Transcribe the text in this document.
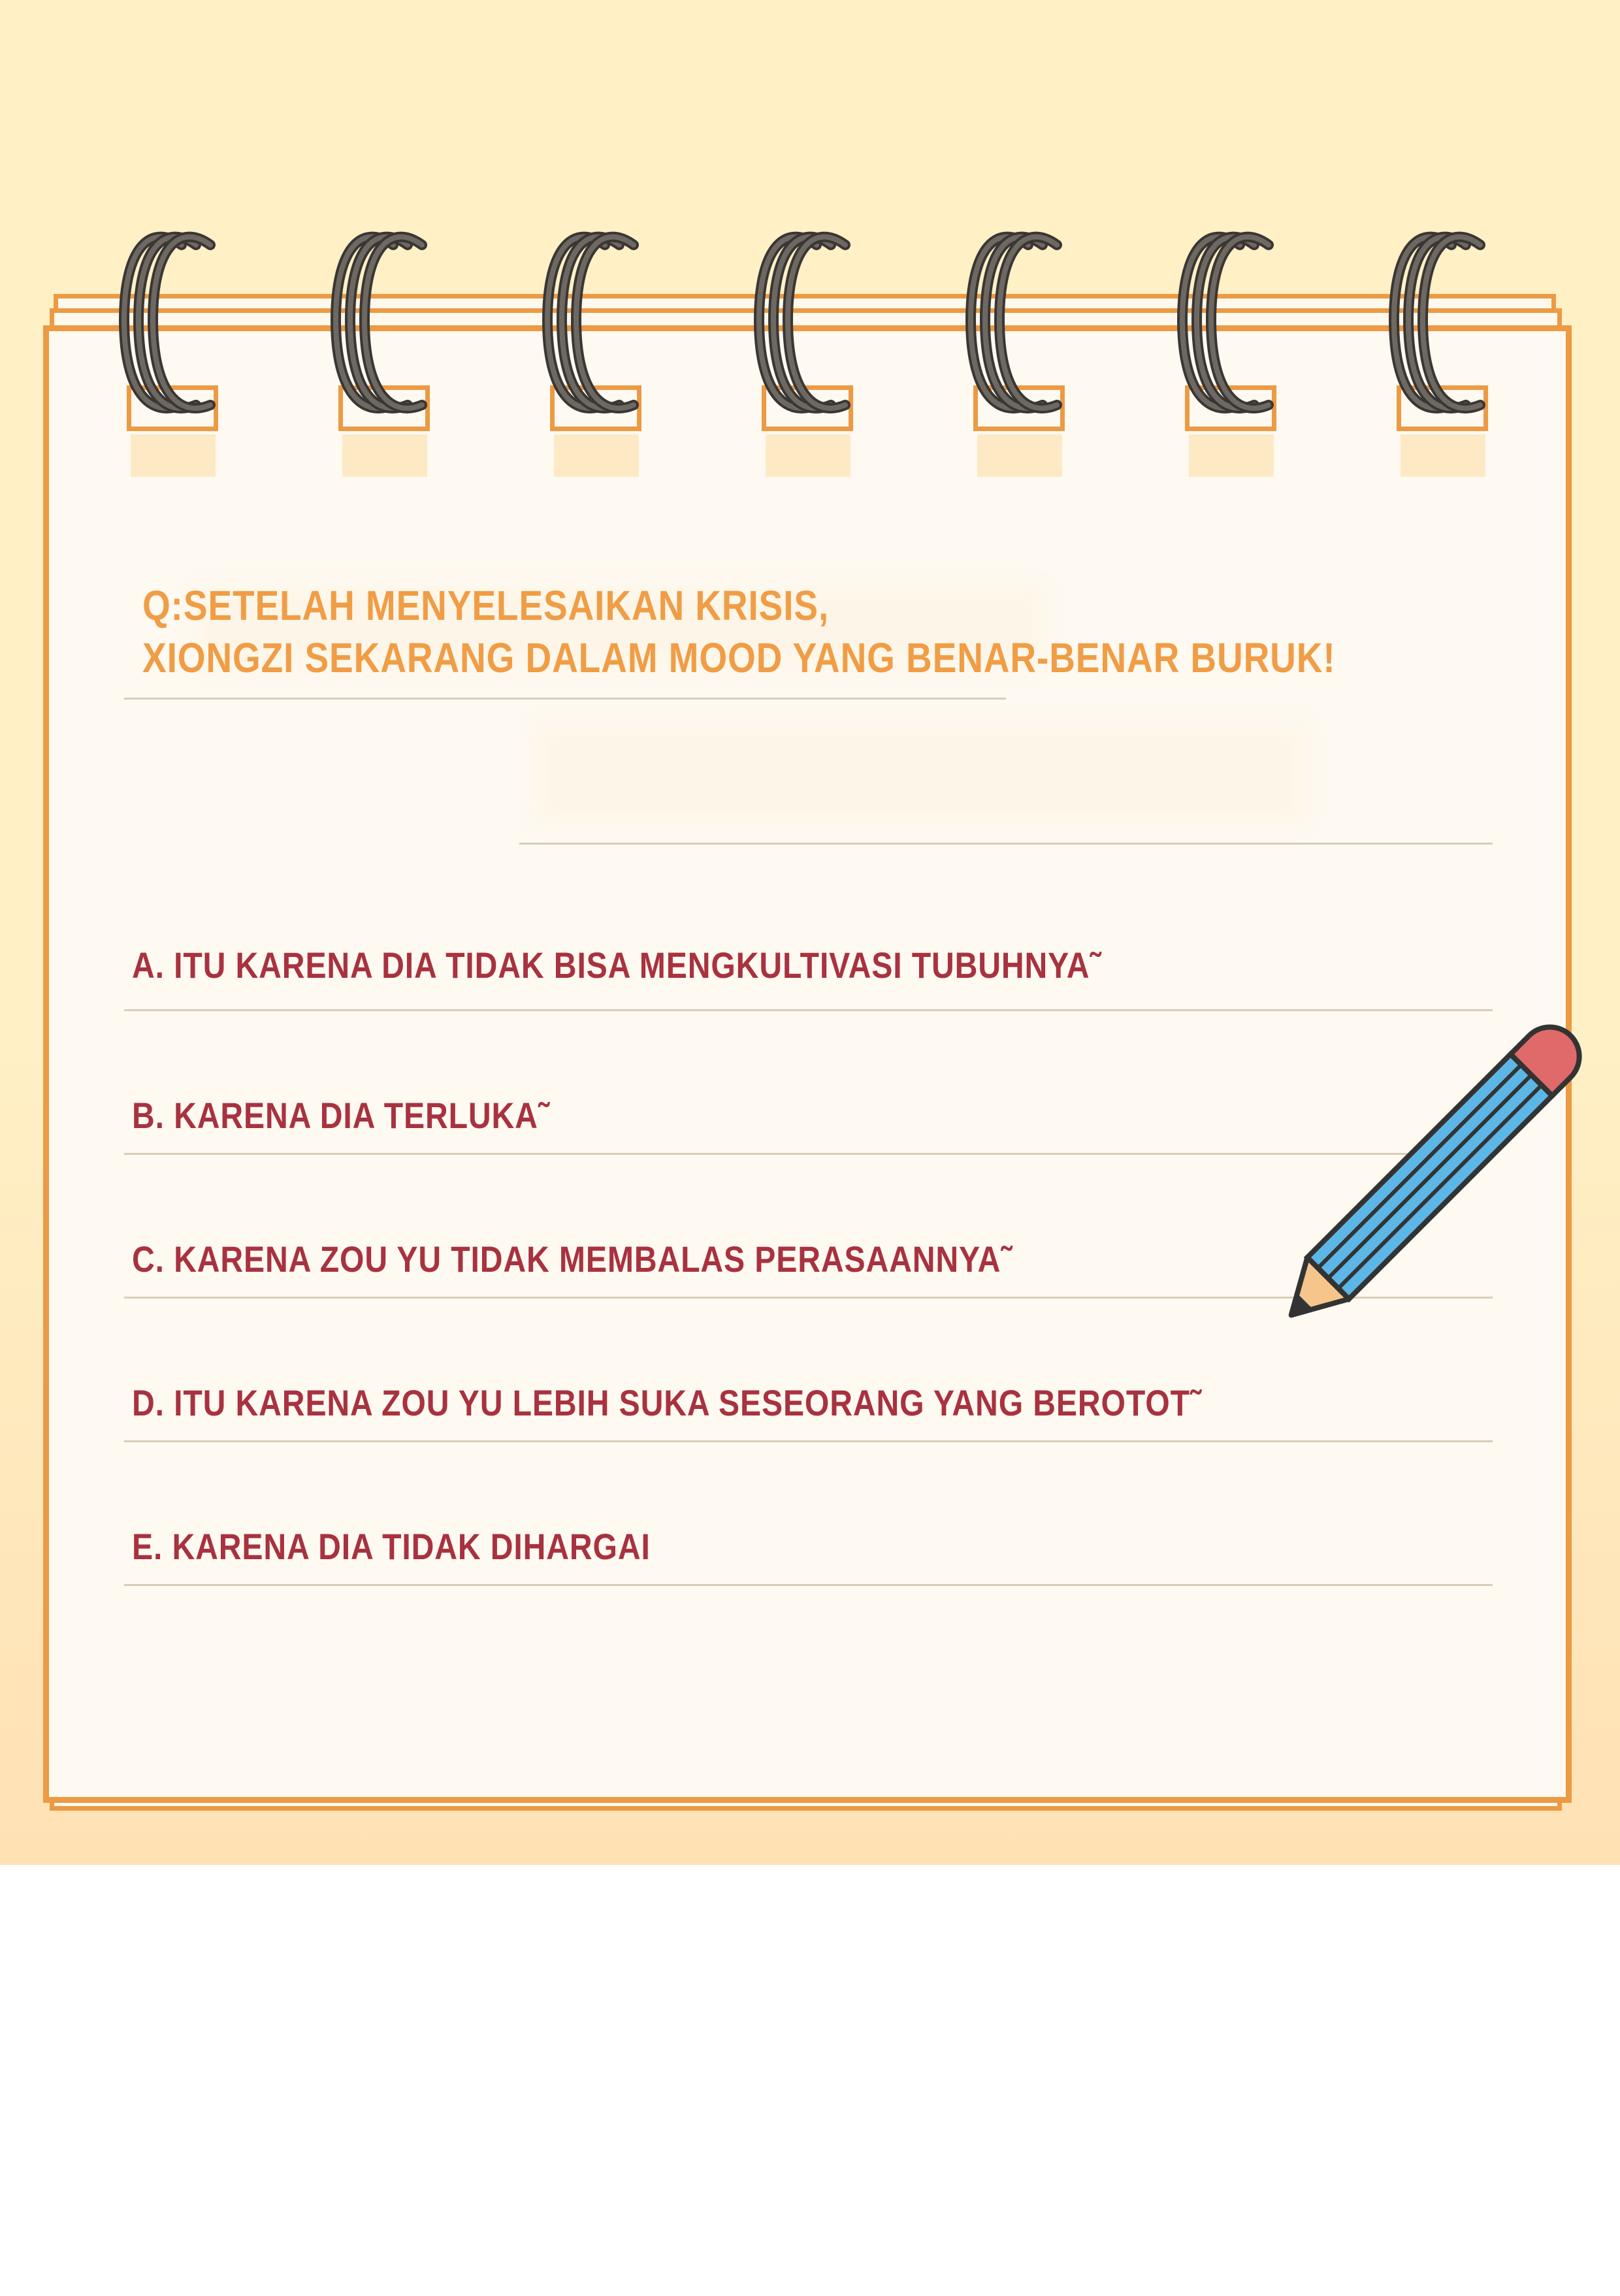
Q:SETELAH MENYELESAIKAN KRISIS,
XIONGZI SEKARANG DALAM MOOD YANG BENAR-BENAR BURUK!
A. ITU KARENA DIA TIDAK BISA MENGKULTIVASI TUBUHNYA˜
B. KARENA DIA TERLUKA˜
C. KARENA ZOU YU TIDAK MEMBALAS PERASAANNYA˜
D. ITU KARENA ZOU YU LEBIH SUKA SESEORANG YANG BEROTOT˜
E. KARENA DIA TIDAK DIHARGAI
